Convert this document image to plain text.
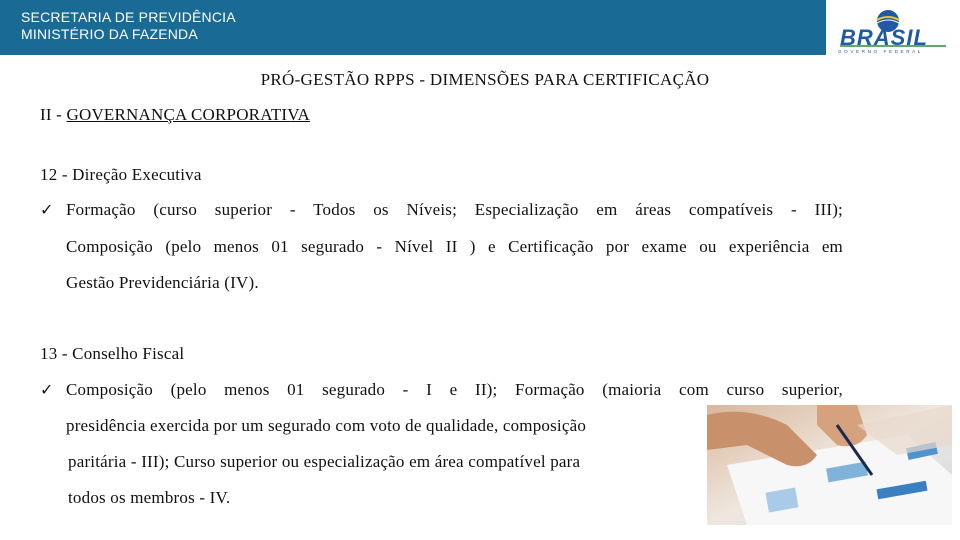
SECRETARIA DE PREVIDÊNCIA
MINISTÉRIO DA FAZENDA	BRASIL
GOVERNO FEDERAL
PRÓ-GESTÃO RPPS - DIMENSÕES PARA CERTIFICAÇÃO
II - GOVERNANÇA CORPORATIVA
12 - Direção Executiva
✓ Formação (curso superior - Todos os Níveis; Especialização em áreas compatíveis - III);
Composição (pelo menos 01 segurado - Nível II ) e Certificação por exame ou experiência em
Gestão Previdenciária (IV).
13 - Conselho Fiscal
✓ Composição (pelo menos 01 segurado - I e II); Formação (maioria com curso superior,
presidência exercida por um segurado com voto de qualidade, composição
paritária - III); Curso superior ou especialização em área compatível para
todos os membros - IV.
